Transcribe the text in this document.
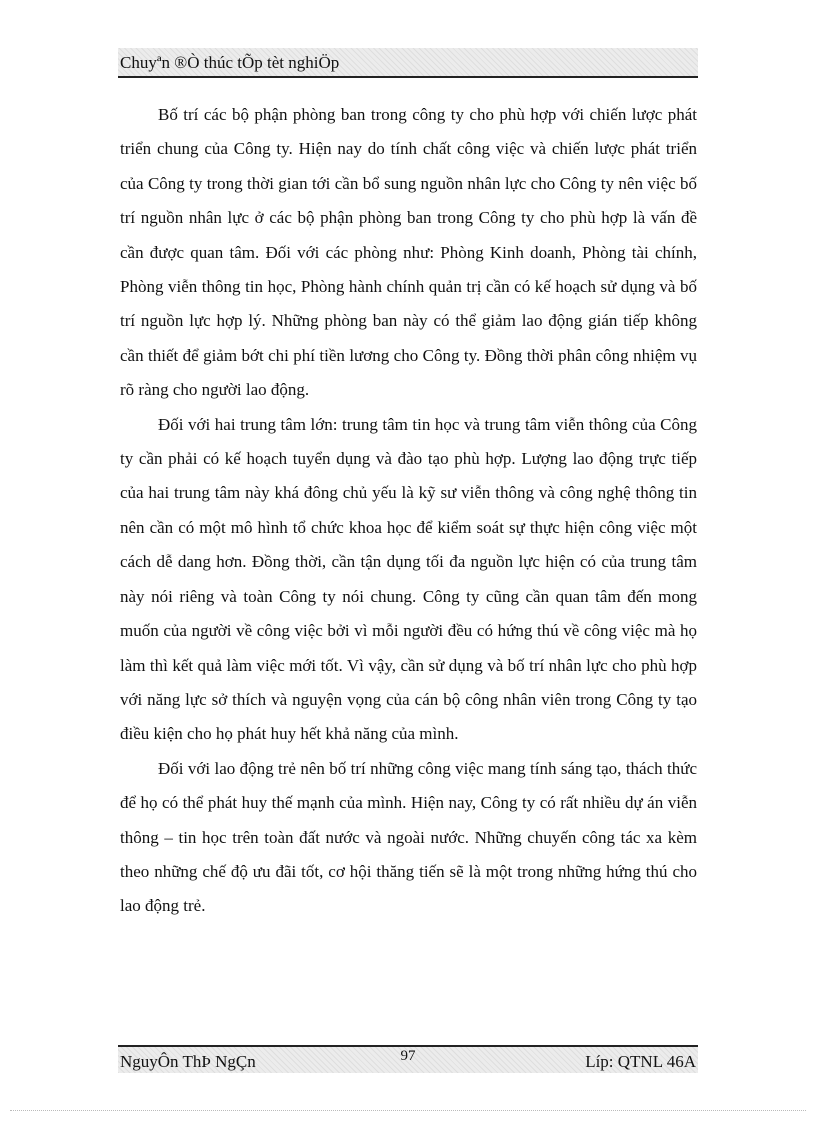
Chuyªn ®Ò thúc tÕp tèt nghiÖp

Bố trí các bộ phận phòng ban trong công ty cho phù hợp với chiến lược phát triển chung của Công ty. Hiện nay do tính chất công việc và chiến lược phát triển của Công ty trong thời gian tới cần bổ sung nguồn nhân lực cho Công ty nên việc bố trí nguồn nhân lực ở các bộ phận phòng ban trong Công ty cho phù hợp là vấn đề cần được quan tâm. Đối với các phòng như: Phòng Kinh doanh, Phòng tài chính, Phòng viễn thông tin học, Phòng hành chính quản trị cần có kế hoạch sử dụng và bố trí nguồn lực hợp lý. Những phòng ban này có thể giảm lao động gián tiếp không cần thiết để giảm bớt chi phí tiền lương cho Công ty. Đồng thời phân công nhiệm vụ rõ ràng cho người lao động.

Đối với hai trung tâm lớn: trung tâm tin học và trung tâm viễn thông của Công ty cần phải có kế hoạch tuyển dụng và đào tạo phù hợp. Lượng lao động trực tiếp của hai trung tâm này khá đông chủ yếu là kỹ sư viễn thông và công nghệ thông tin nên cần có một mô hình tổ chức khoa học để kiểm soát sự thực hiện công việc một cách dễ dang hơn. Đồng thời, cần tận dụng tối đa nguồn lực hiện có của trung tâm này nói riêng và toàn Công ty nói chung. Công ty cũng cần quan tâm đến mong muốn của người về công việc bởi vì mỗi người đều có hứng thú về công việc mà họ làm thì kết quả làm việc mới tốt. Vì vậy, cần sử dụng và bố trí nhân lực cho phù hợp với năng lực sở thích và nguyện vọng của cán bộ công nhân viên trong Công ty tạo điều kiện cho họ phát huy hết khả năng của mình.

Đối với lao động trẻ nên bố trí những công việc mang tính sáng tạo, thách thức để họ có thể phát huy thế mạnh của mình. Hiện nay, Công ty có rất nhiều dự án viễn thông – tin học trên toàn đất nước và ngoài nước. Những chuyến công tác xa kèm theo những chế độ ưu đãi tốt, cơ hội thăng tiến sẽ là một trong những hứng thú cho lao động trẻ.

NguyÔn ThÞ NgÇn	97	Líp: QTNL 46A
